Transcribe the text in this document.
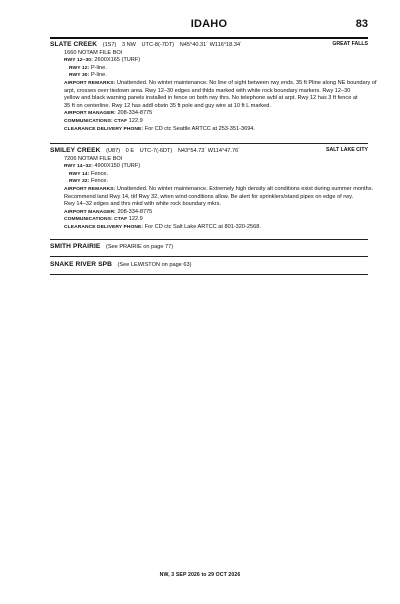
IDAHO	83
SLATE CREEK (1S7) 3 NW UTC-8(-7DT) N45°40.31´ W116°18.34´	GREAT FALLS
1660 NOTAM FILE BOI
RWY 12–30: 2600X165 (TURF)
RWY 12: P-line.
RWY 30: P-line.
AIRPORT REMARKS: Unattended. No winter maintenance. No line of sight between rwy ends. 35 ft Pline along NE boundary of
arpt, crosses over tiedown area. Rwy 12–30 edges and thlds marked with white rock boundary markers. Rwy 12–30
yellow and black warning panels installed in fence on both rwy thrs. No telephone avbl at arpt. Rwy 12 has 3 ft fence at
35 ft on centerline. Rwy 12 has addl obstn 35 ft pole and guy wire at 10 ft L marked.
AIRPORT MANAGER: 208-334-8775
COMMUNICATIONS: CTAF 122.9
CLEARANCE DELIVERY PHONE: For CD ctc Seattle ARTCC at 253-351-3694.
SMILEY CREEK (U87) 0 E UTC-7(-6DT) N43°54.73´ W114°47.76´	SALT LAKE CITY
7206 NOTAM FILE BOI
RWY 14–32: 4900X150 (TURF)
RWY 14: Fence.
RWY 32: Fence.
AIRPORT REMARKS: Unattended. No winter maintenance. Extremely high density alt conditions exist during summer months.
Recommend land Rwy 14, tkf Rwy 32, when wind conditions allow. Be alert for sprinklers/stand pipes on edge of rwy.
Rwy 14–32 edges and thrs mkd with white rock boundary mkrs.
AIRPORT MANAGER: 208-334-8775
COMMUNICATIONS: CTAF 122.9
CLEARANCE DELIVERY PHONE: For CD ctc Salt Lake ARTCC at 801-320-2568.
SMITH PRAIRIE (See PRAIRIE on page 77)
SNAKE RIVER SPB (See LEWISTON on page 63)
NW, 3 SEP 2026 to 29 OCT 2026
